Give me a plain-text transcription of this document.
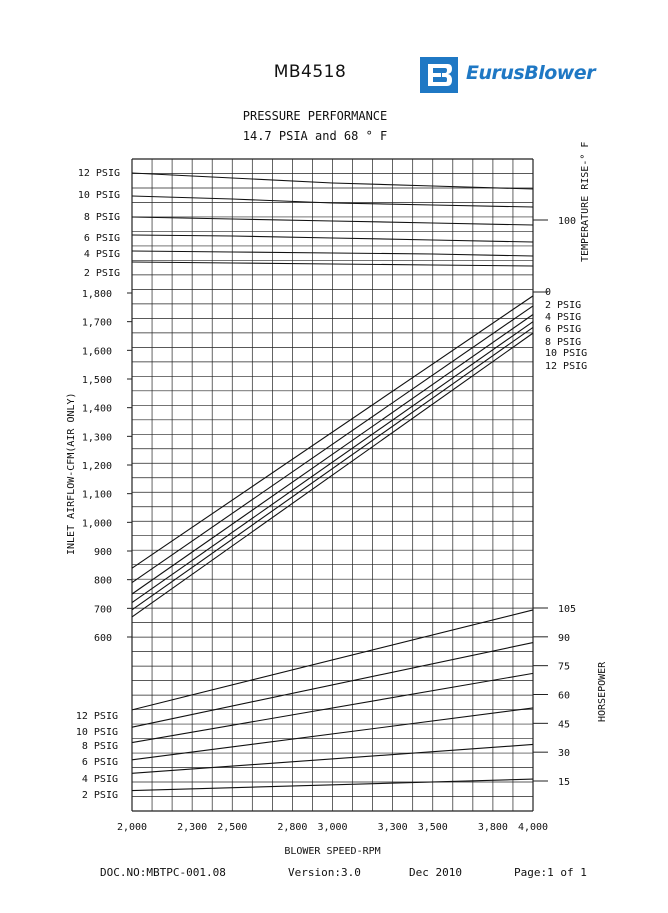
MB4518	EurusBlower
PRESSURE PERFORMANCE
14.7 PSIA and 68 ° F
2,000	2,300 2,500	2,800 3,000	3,300 3,500	3,800 4,000
BLOWER SPEED-RPM
600
700
800
900
1,000
1,100
1,200
1,300
1,400
1,500
1,600
1,700
1,800	0
2 PSIG
4 PSIG
6 PSIG
8 PSIG
10 PSIG
12 PSIG
12 PSIG
10 PSIG
8 PSIG
6 PSIG
4 PSIG
2 PSIG
100
15
30
45
60
75
90
105
12 PSIG
10 PSIG
8 PSIG
6 PSIG
4 PSIG
2 PSIG
INLET AIRFLOW-CFM(AIR ONLY)
TEMPERATURE RISE-° F
HORSEPOWER
DOC.NO:MBTPC-001.08	Version:3.0	Dec 2010	Page:1 of 1
